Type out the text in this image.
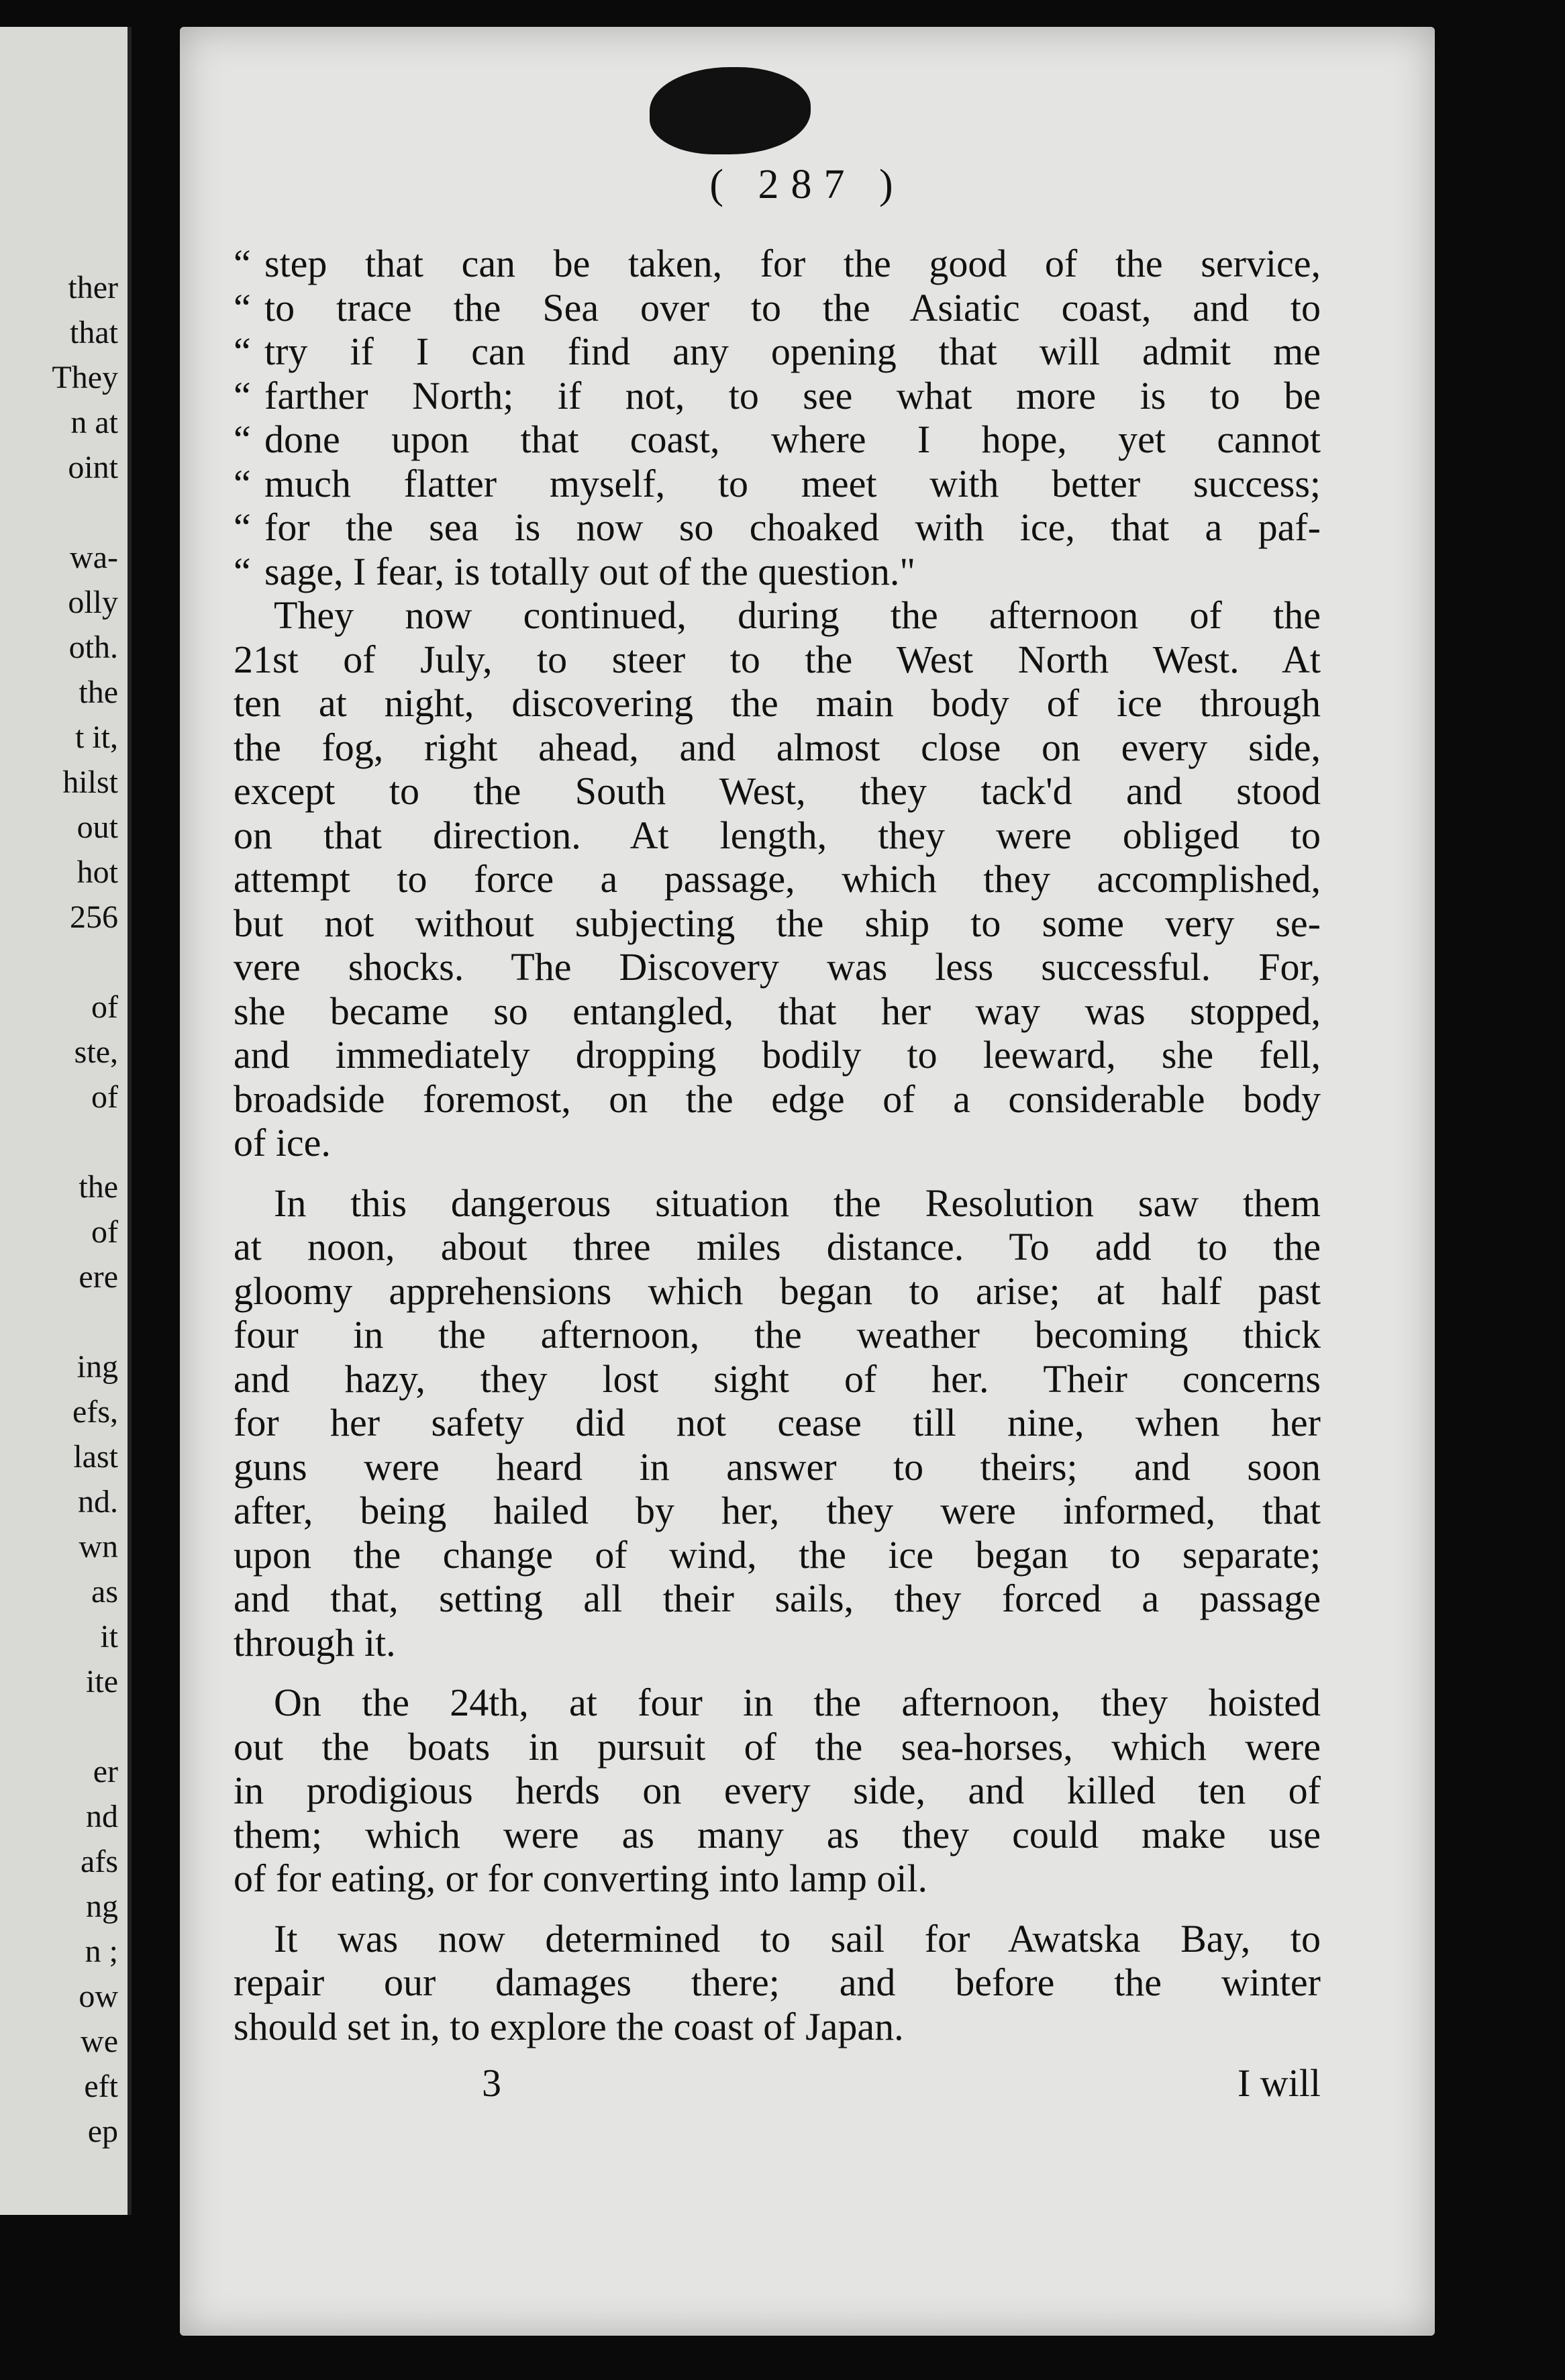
ther
that
They
n at
oint
wa-
olly
oth.
the
t it,
hilst
out
hot
256
of
ste,
of
the
of
ere
ing
efs,
last
nd.
wn
as
it
ite
er
nd
afs
ng
n ;
ow
we
eft
ep
( 287 )
“ step that can be taken, for the good of the service,
“ to trace the Sea over to the Asiatic coast, and to
“ try if I can find any opening that will admit me
“ farther North; if not, to see what more is to be
“ done upon that coast, where I hope, yet cannot
“ much flatter myself, to meet with better success;
“ for the sea is now so choaked with ice, that a paf-
“ sage, I fear, is totally out of the question."
They now continued, during the afternoon of the
21st of July, to steer to the West North West. At
ten at night, discovering the main body of ice through
the fog, right ahead, and almost close on every side,
except to the South West, they tack'd and stood
on that direction. At length, they were obliged to
attempt to force a passage, which they accomplished,
but not without subjecting the ship to some very se-
vere shocks. The Discovery was less successful. For,
she became so entangled, that her way was stopped,
and immediately dropping bodily to leeward, she fell,
broadside foremost, on the edge of a considerable body
of ice.
In this dangerous situation the Resolution saw them
at noon, about three miles distance. To add to the
gloomy apprehensions which began to arise; at half past
four in the afternoon, the weather becoming thick
and hazy, they lost sight of her. Their concerns
for her safety did not cease till nine, when her
guns were heard in answer to theirs; and soon
after, being hailed by her, they were informed, that
upon the change of wind, the ice began to separate;
and that, setting all their sails, they forced a passage
through it.
On the 24th, at four in the afternoon, they hoisted
out the boats in pursuit of the sea-horses, which were
in prodigious herds on every side, and killed ten of
them; which were as many as they could make use
of for eating, or for converting into lamp oil.
It was now determined to sail for Awatska Bay, to
repair our damages there; and before the winter
should set in, to explore the coast of Japan.
3	I will
